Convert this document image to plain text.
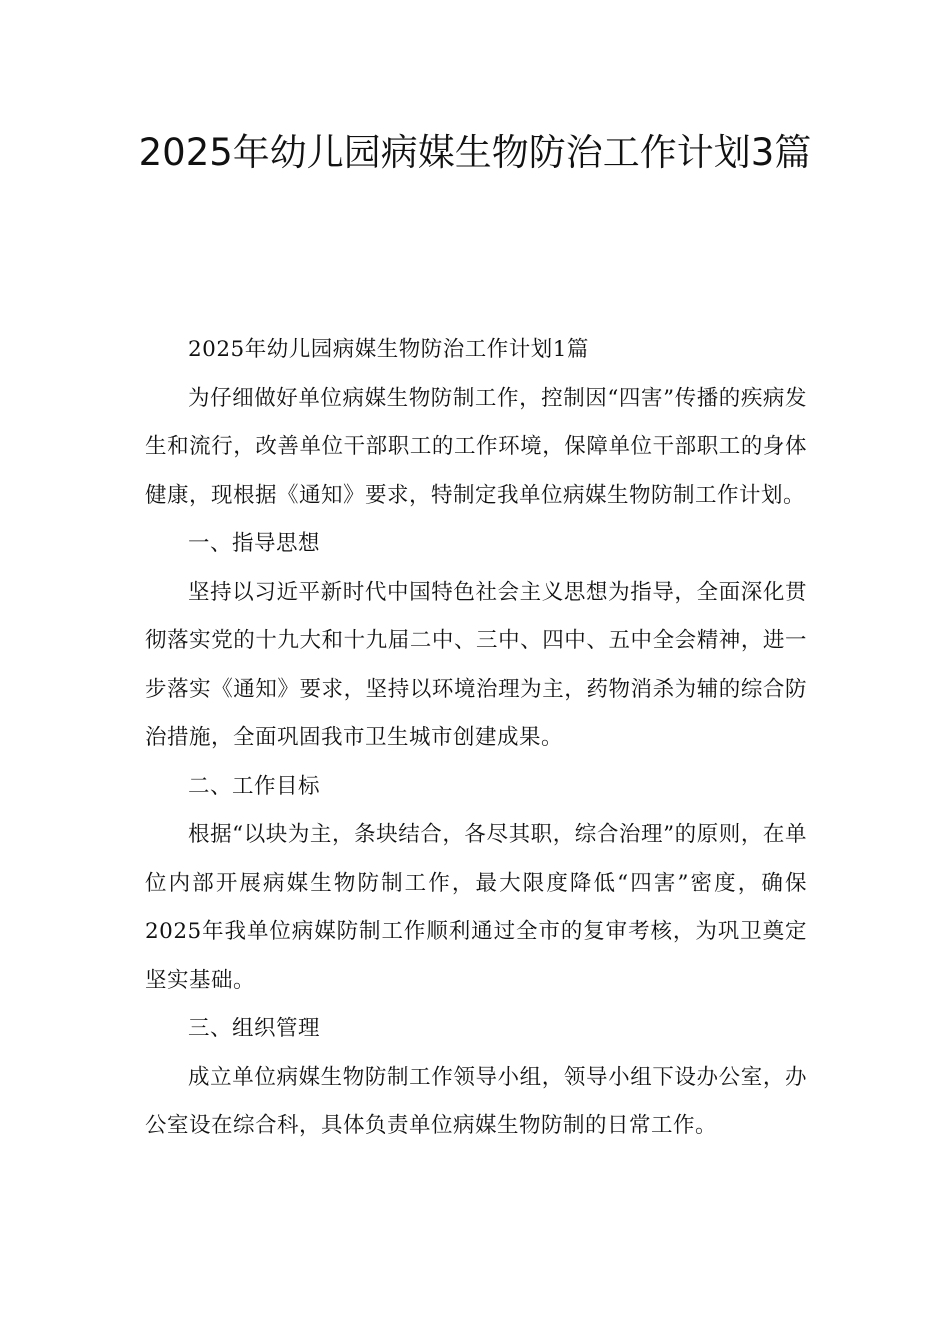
2025年幼儿园病媒生物防治工作计划3篇

2025年幼儿园病媒生物防治工作计划1篇

为仔细做好单位病媒生物防制工作，控制因“四害”传播的疾病发生和流行，改善单位干部职工的工作环境，保障单位干部职工的身体健康，现根据《通知》要求，特制定我单位病媒生物防制工作计划。

一、指导思想

坚持以习近平新时代中国特色社会主义思想为指导，全面深化贯彻落实党的十九大和十九届二中、三中、四中、五中全会精神，进一步落实《通知》要求，坚持以环境治理为主，药物消杀为辅的综合防治措施，全面巩固我市卫生城市创建成果。

二、工作目标

根据“以块为主，条块结合，各尽其职，综合治理”的原则，在单位内部开展病媒生物防制工作，最大限度降低“四害”密度，确保2025年我单位病媒防制工作顺利通过全市的复审考核，为巩卫奠定坚实基础。

三、组织管理

成立单位病媒生物防制工作领导小组，领导小组下设办公室，办公室设在综合科，具体负责单位病媒生物防制的日常工作。
